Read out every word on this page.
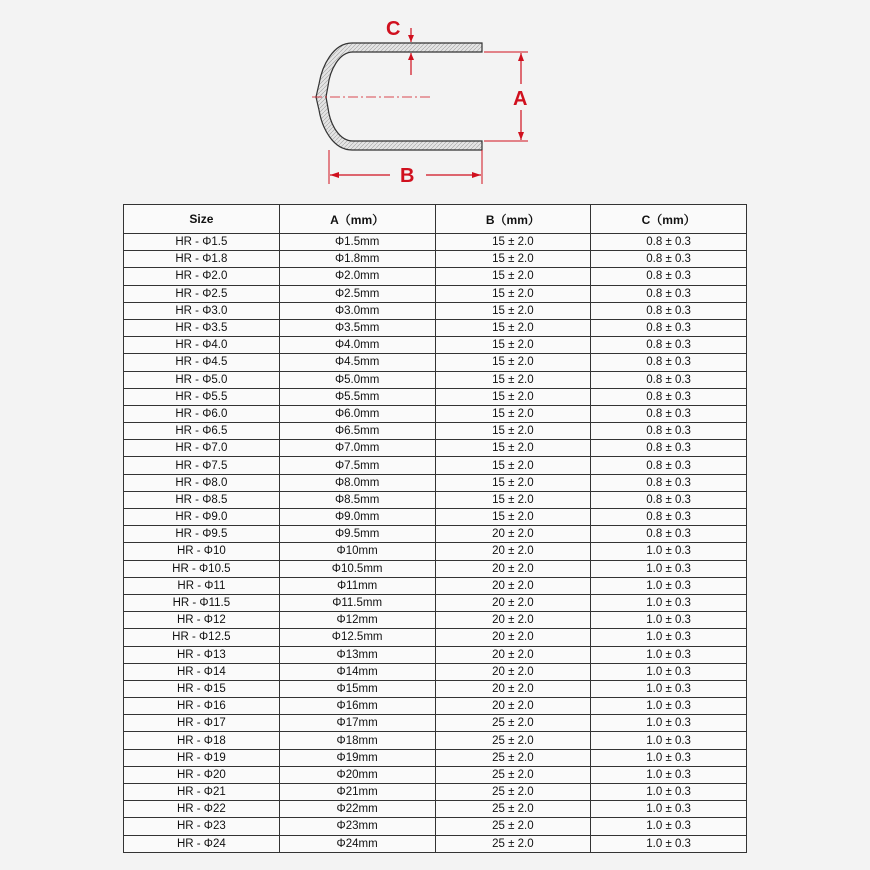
C
A
B
Size	A（mm）	B（mm）	C（mm）
HR - Φ1.5	Φ1.5mm	15 ± 2.0	0.8 ± 0.3
HR - Φ1.8	Φ1.8mm	15 ± 2.0	0.8 ± 0.3
HR - Φ2.0	Φ2.0mm	15 ± 2.0	0.8 ± 0.3
HR - Φ2.5	Φ2.5mm	15 ± 2.0	0.8 ± 0.3
HR - Φ3.0	Φ3.0mm	15 ± 2.0	0.8 ± 0.3
HR - Φ3.5	Φ3.5mm	15 ± 2.0	0.8 ± 0.3
HR - Φ4.0	Φ4.0mm	15 ± 2.0	0.8 ± 0.3
HR - Φ4.5	Φ4.5mm	15 ± 2.0	0.8 ± 0.3
HR - Φ5.0	Φ5.0mm	15 ± 2.0	0.8 ± 0.3
HR - Φ5.5	Φ5.5mm	15 ± 2.0	0.8 ± 0.3
HR - Φ6.0	Φ6.0mm	15 ± 2.0	0.8 ± 0.3
HR - Φ6.5	Φ6.5mm	15 ± 2.0	0.8 ± 0.3
HR - Φ7.0	Φ7.0mm	15 ± 2.0	0.8 ± 0.3
HR - Φ7.5	Φ7.5mm	15 ± 2.0	0.8 ± 0.3
HR - Φ8.0	Φ8.0mm	15 ± 2.0	0.8 ± 0.3
HR - Φ8.5	Φ8.5mm	15 ± 2.0	0.8 ± 0.3
HR - Φ9.0	Φ9.0mm	15 ± 2.0	0.8 ± 0.3
HR - Φ9.5	Φ9.5mm	20 ± 2.0	0.8 ± 0.3
HR - Φ10	Φ10mm	20 ± 2.0	1.0 ± 0.3
HR - Φ10.5	Φ10.5mm	20 ± 2.0	1.0 ± 0.3
HR - Φ11	Φ11mm	20 ± 2.0	1.0 ± 0.3
HR - Φ11.5	Φ11.5mm	20 ± 2.0	1.0 ± 0.3
HR - Φ12	Φ12mm	20 ± 2.0	1.0 ± 0.3
HR - Φ12.5	Φ12.5mm	20 ± 2.0	1.0 ± 0.3
HR - Φ13	Φ13mm	20 ± 2.0	1.0 ± 0.3
HR - Φ14	Φ14mm	20 ± 2.0	1.0 ± 0.3
HR - Φ15	Φ15mm	20 ± 2.0	1.0 ± 0.3
HR - Φ16	Φ16mm	20 ± 2.0	1.0 ± 0.3
HR - Φ17	Φ17mm	25 ± 2.0	1.0 ± 0.3
HR - Φ18	Φ18mm	25 ± 2.0	1.0 ± 0.3
HR - Φ19	Φ19mm	25 ± 2.0	1.0 ± 0.3
HR - Φ20	Φ20mm	25 ± 2.0	1.0 ± 0.3
HR - Φ21	Φ21mm	25 ± 2.0	1.0 ± 0.3
HR - Φ22	Φ22mm	25 ± 2.0	1.0 ± 0.3
HR - Φ23	Φ23mm	25 ± 2.0	1.0 ± 0.3
HR - Φ24	Φ24mm	25 ± 2.0	1.0 ± 0.3
